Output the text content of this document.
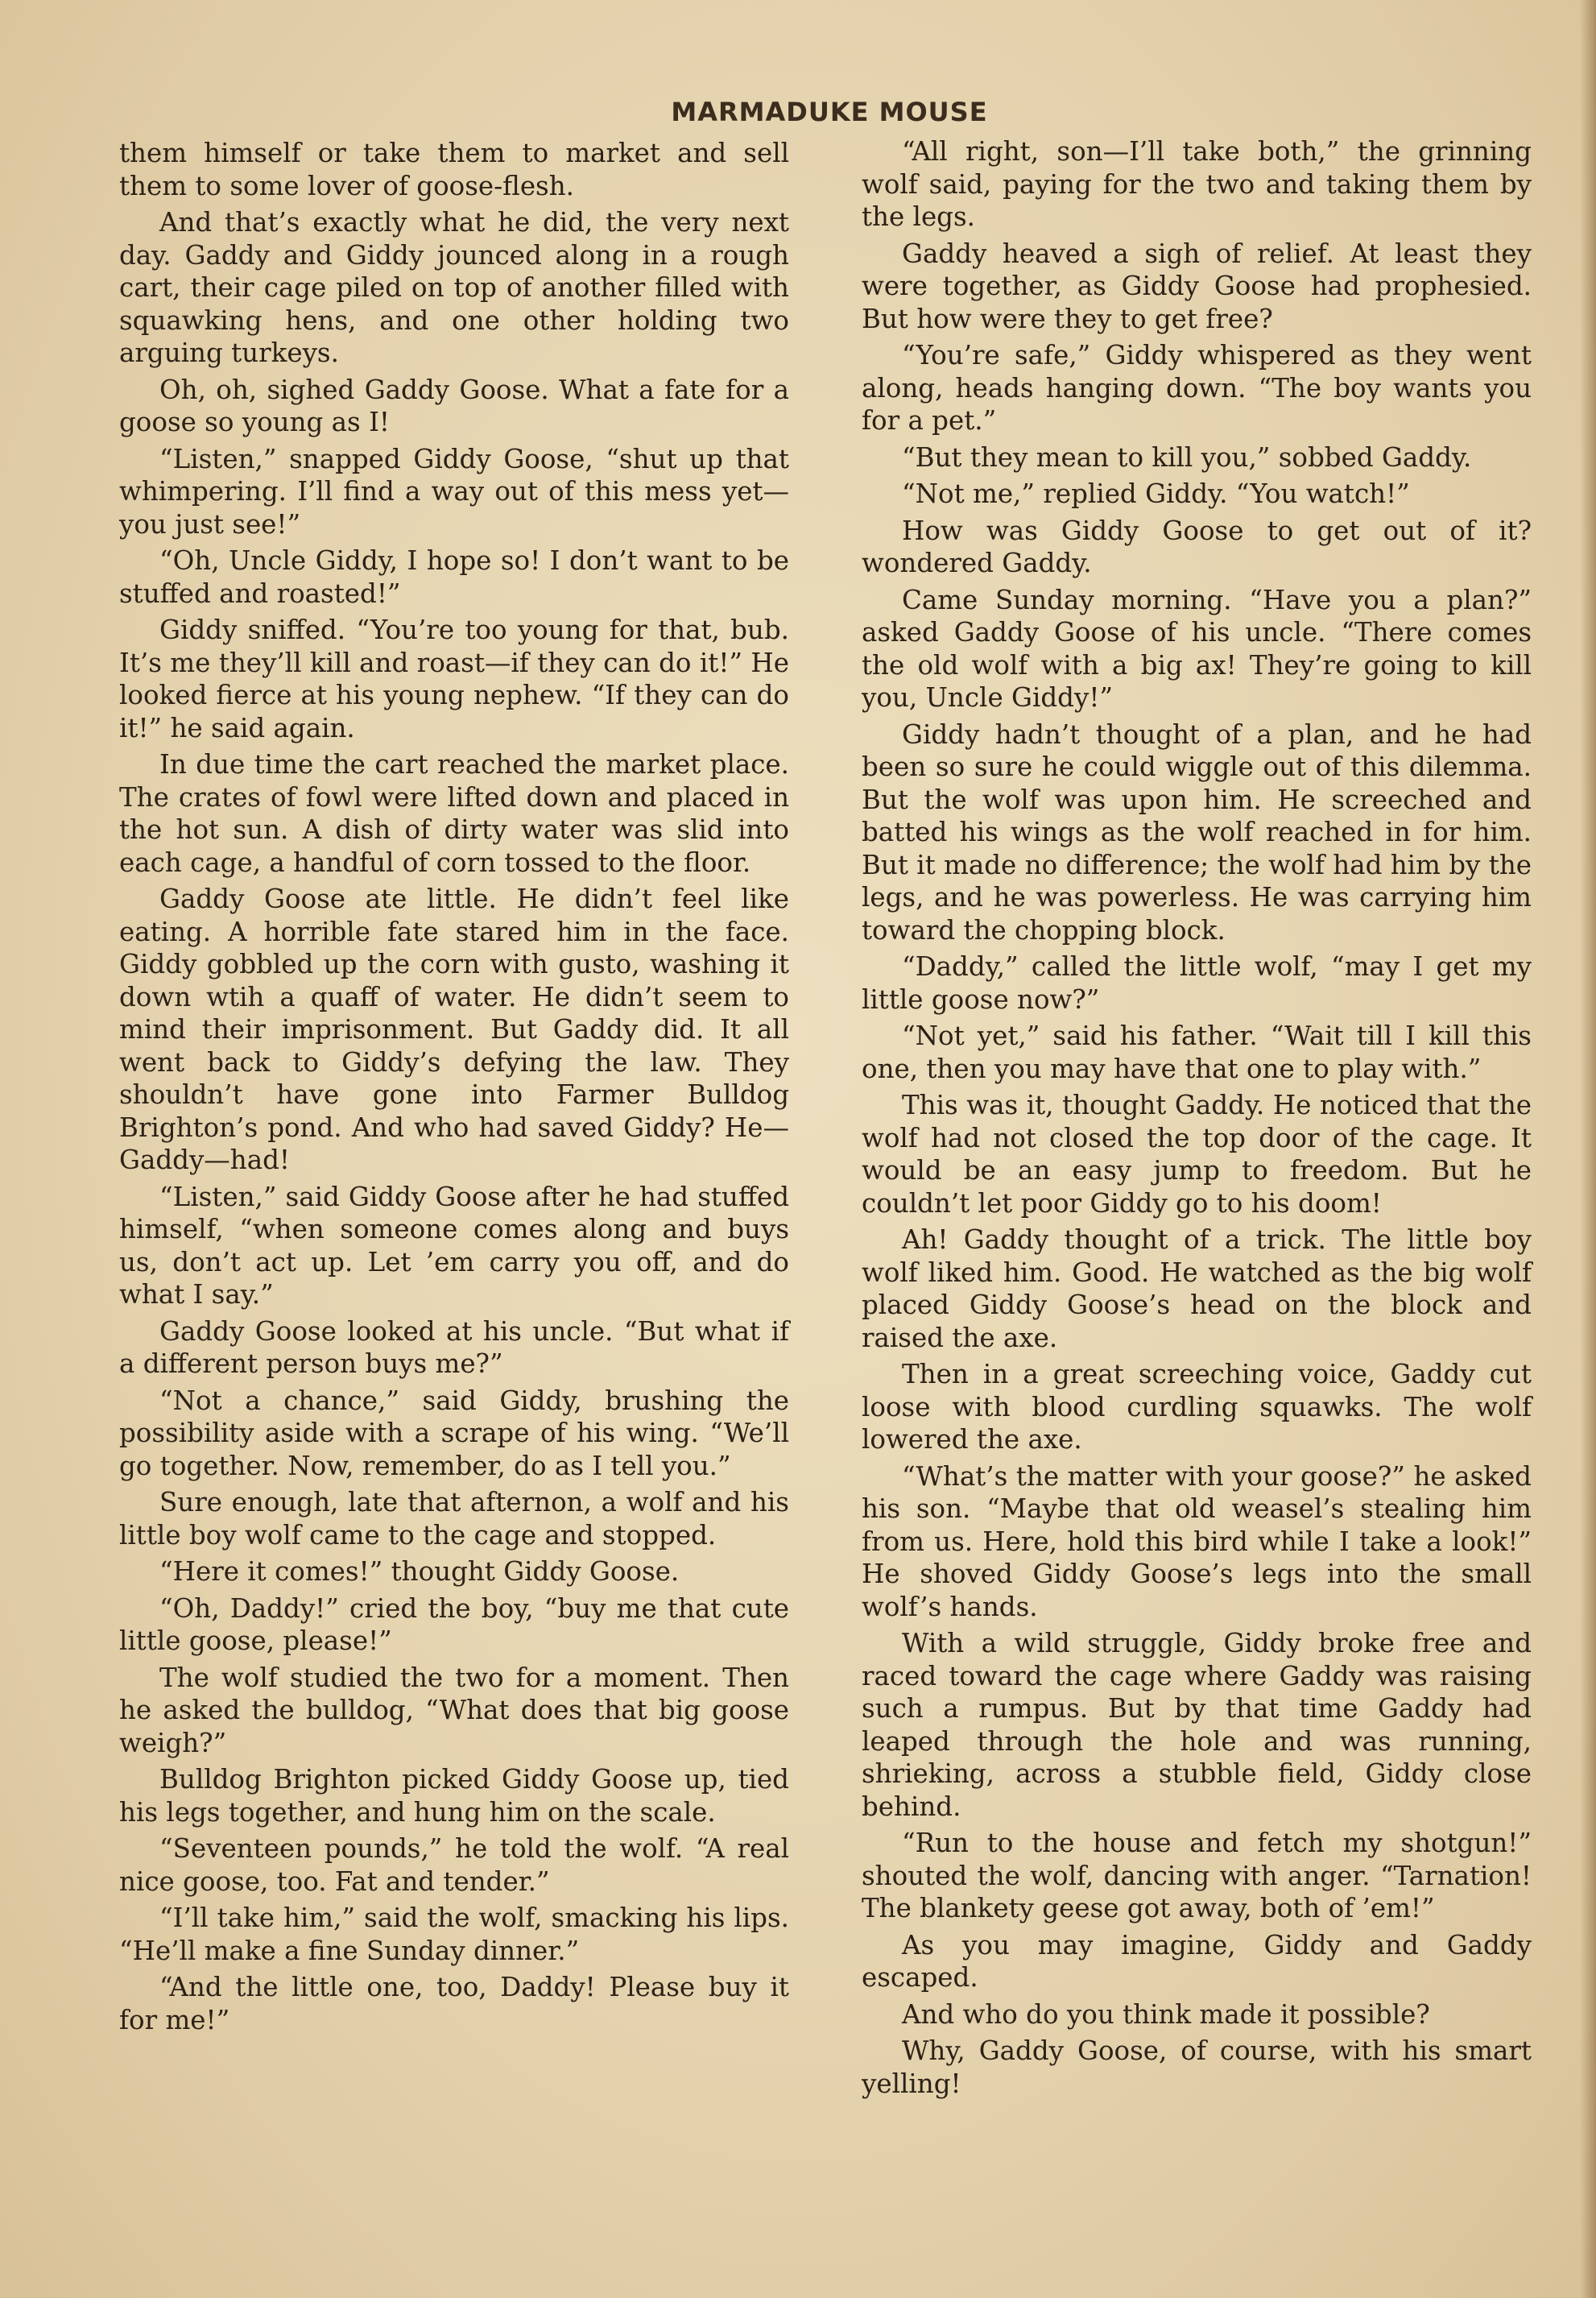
MARMADUKE MOUSE

them himself or take them to market and sell them to some lover of goose-flesh.

And that’s exactly what he did, the very next day. Gaddy and Giddy jounced along in a rough cart, their cage piled on top of another filled with squawking hens, and one other holding two arguing turkeys.

Oh, oh, sighed Gaddy Goose. What a fate for a goose so young as I!

“Listen,” snapped Giddy Goose, “shut up that whimpering. I’ll find a way out of this mess yet—you just see!”

“Oh, Uncle Giddy, I hope so! I don’t want to be stuffed and roasted!”

Giddy sniffed. “You’re too young for that, bub. It’s me they’ll kill and roast—if they can do it!” He looked fierce at his young nephew. “If they can do it!” he said again.

In due time the cart reached the market place. The crates of fowl were lifted down and placed in the hot sun. A dish of dirty water was slid into each cage, a handful of corn tossed to the floor.

Gaddy Goose ate little. He didn’t feel like eating. A horrible fate stared him in the face. Giddy gobbled up the corn with gusto, washing it down wtih a quaff of water. He didn’t seem to mind their imprisonment. But Gaddy did. It all went back to Giddy’s defying the law. They shouldn’t have gone into Farmer Bulldog Brighton’s pond. And who had saved Giddy? He—Gaddy—had!

“Listen,” said Giddy Goose after he had stuffed himself, “when someone comes along and buys us, don’t act up. Let ’em carry you off, and do what I say.”

Gaddy Goose looked at his uncle. “But what if a different person buys me?”

“Not a chance,” said Giddy, brushing the possibility aside with a scrape of his wing. “We’ll go together. Now, remember, do as I tell you.”

Sure enough, late that afternon, a wolf and his little boy wolf came to the cage and stopped.

“Here it comes!” thought Giddy Goose.

“Oh, Daddy!” cried the boy, “buy me that cute little goose, please!”

The wolf studied the two for a moment. Then he asked the bulldog, “What does that big goose weigh?”

Bulldog Brighton picked Giddy Goose up, tied his legs together, and hung him on the scale.

“Seventeen pounds,” he told the wolf. “A real nice goose, too. Fat and tender.”

“I’ll take him,” said the wolf, smacking his lips. “He’ll make a fine Sunday dinner.”

“And the little one, too, Daddy! Please buy it for me!”

“All right, son—I’ll take both,” the grinning wolf said, paying for the two and taking them by the legs.

Gaddy heaved a sigh of relief. At least they were together, as Giddy Goose had prophesied. But how were they to get free?

“You’re safe,” Giddy whispered as they went along, heads hanging down. “The boy wants you for a pet.”

“But they mean to kill you,” sobbed Gaddy.

“Not me,” replied Giddy. “You watch!”

How was Giddy Goose to get out of it? wondered Gaddy.

Came Sunday morning. “Have you a plan?” asked Gaddy Goose of his uncle. “There comes the old wolf with a big ax! They’re going to kill you, Uncle Giddy!”

Giddy hadn’t thought of a plan, and he had been so sure he could wiggle out of this dilemma. But the wolf was upon him. He screeched and batted his wings as the wolf reached in for him. But it made no difference; the wolf had him by the legs, and he was powerless. He was carrying him toward the chopping block.

“Daddy,” called the little wolf, “may I get my little goose now?”

“Not yet,” said his father. “Wait till I kill this one, then you may have that one to play with.”

This was it, thought Gaddy. He noticed that the wolf had not closed the top door of the cage. It would be an easy jump to freedom. But he couldn’t let poor Giddy go to his doom!

Ah! Gaddy thought of a trick. The little boy wolf liked him. Good. He watched as the big wolf placed Giddy Goose’s head on the block and raised the axe.

Then in a great screeching voice, Gaddy cut loose with blood curdling squawks. The wolf lowered the axe.

“What’s the matter with your goose?” he asked his son. “Maybe that old weasel’s stealing him from us. Here, hold this bird while I take a look!” He shoved Giddy Goose’s legs into the small wolf’s hands.

With a wild struggle, Giddy broke free and raced toward the cage where Gaddy was raising such a rumpus. But by that time Gaddy had leaped through the hole and was running, shrieking, across a stubble field, Giddy close behind.

“Run to the house and fetch my shotgun!” shouted the wolf, dancing with anger. “Tarnation! The blankety geese got away, both of ’em!”

As you may imagine, Giddy and Gaddy escaped.

And who do you think made it possible?

Why, Gaddy Goose, of course, with his smart yelling!
